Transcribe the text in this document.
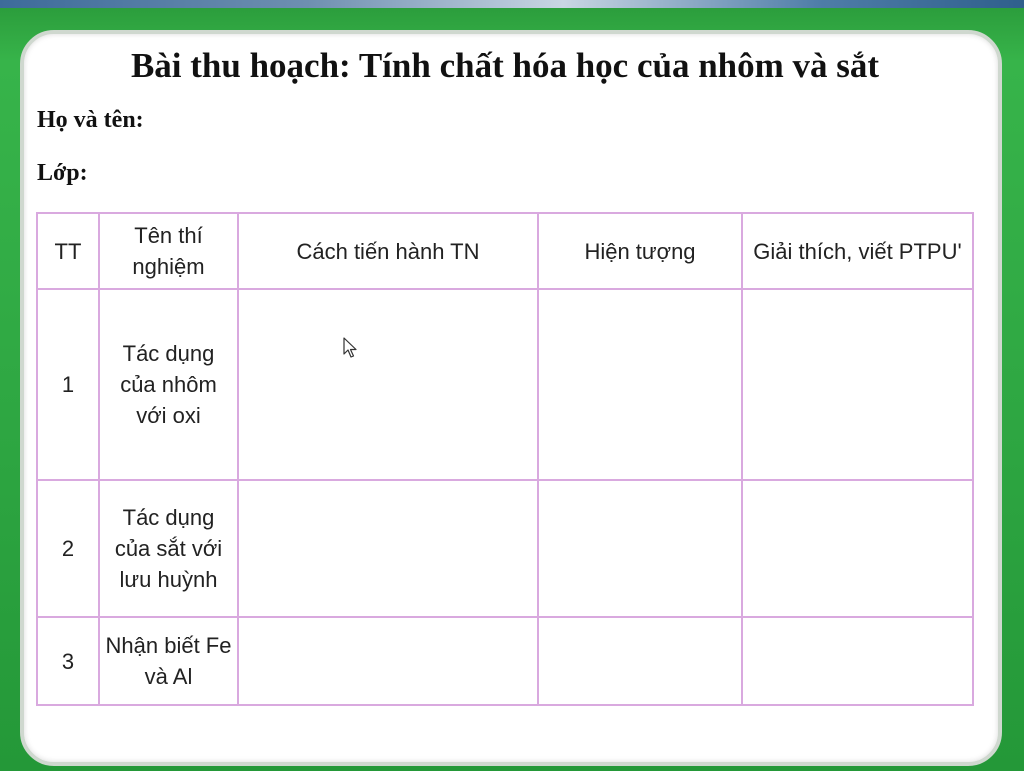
Bài thu hoạch: Tính chất hóa học của nhôm và sắt

Họ và tên:

Lớp:

TT	Tên thí nghiệm	Cách tiến hành TN	Hiện tượng	Giải thích, viết PTPU'
1	Tác dụng của nhôm với oxi			
2	Tác dụng của sắt với lưu huỳnh			
3	Nhận biết Fe và Al			
